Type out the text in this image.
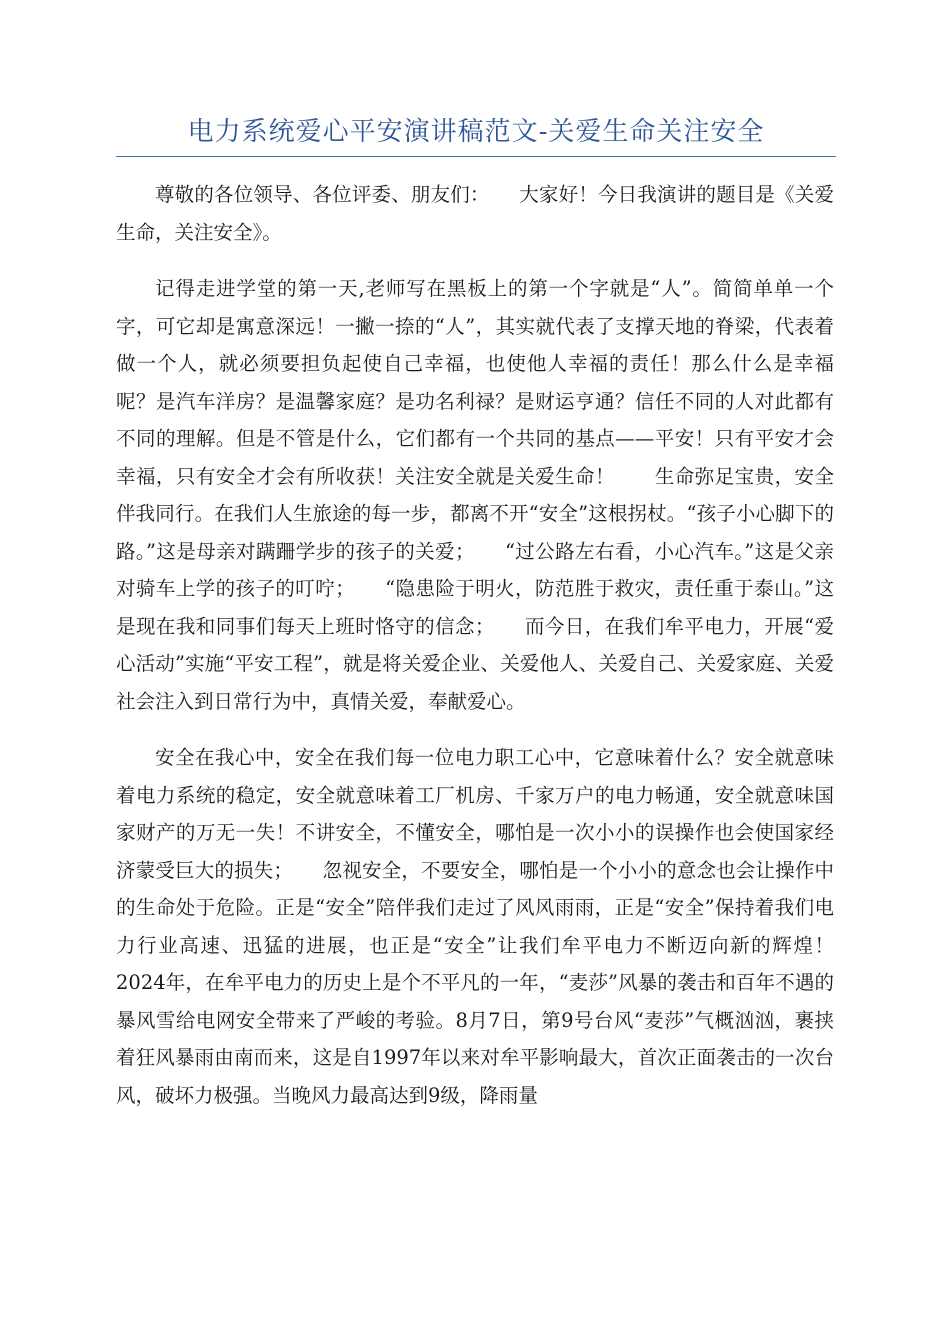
电力系统爱心平安演讲稿范文-关爱生命关注安全

尊敬的各位领导、各位评委、朋友们：　　大家好！今日我演讲的题目是《关爱生命，关注安全》。

记得走进学堂的第一天,老师写在黑板上的第一个字就是“人”。简简单单一个字，可它却是寓意深远！一撇一捺的“人”，其实就代表了支撑天地的脊梁，代表着做一个人，就必须要担负起使自己幸福，也使他人幸福的责任！那么什么是幸福呢？是汽车洋房？是温馨家庭？是功名利禄？是财运亨通？信任不同的人对此都有不同的理解。但是不管是什么，它们都有一个共同的基点——平安！只有平安才会幸福，只有安全才会有所收获！关注安全就是关爱生命！　　生命弥足宝贵，安全伴我同行。在我们人生旅途的每一步，都离不开“安全”这根拐杖。“孩子小心脚下的路。”这是母亲对蹒跚学步的孩子的关爱；　　“过公路左右看，小心汽车。”这是父亲对骑车上学的孩子的叮咛；　　“隐患险于明火，防范胜于救灾，责任重于泰山。”这是现在我和同事们每天上班时恪守的信念；　　而今日，在我们牟平电力，开展“爱心活动”实施“平安工程”，就是将关爱企业、关爱他人、关爱自己、关爱家庭、关爱社会注入到日常行为中，真情关爱，奉献爱心。

安全在我心中，安全在我们每一位电力职工心中，它意味着什么？安全就意味着电力系统的稳定，安全就意味着工厂机房、千家万户的电力畅通，安全就意味国家财产的万无一失！不讲安全，不懂安全，哪怕是一次小小的误操作也会使国家经济蒙受巨大的损失；　　忽视安全，不要安全，哪怕是一个小小的意念也会让操作中的生命处于危险。正是“安全”陪伴我们走过了风风雨雨，正是“安全”保持着我们电力行业高速、迅猛的进展，也正是“安全”让我们牟平电力不断迈向新的辉煌！　　2024年，在牟平电力的历史上是个不平凡的一年，“麦莎”风暴的袭击和百年不遇的暴风雪给电网安全带来了严峻的考验。8月7日，第9号台风“麦莎”气概汹汹，裹挟着狂风暴雨由南而来，这是自1997年以来对牟平影响最大，首次正面袭击的一次台风，破坏力极强。当晚风力最高达到9级，降雨量
